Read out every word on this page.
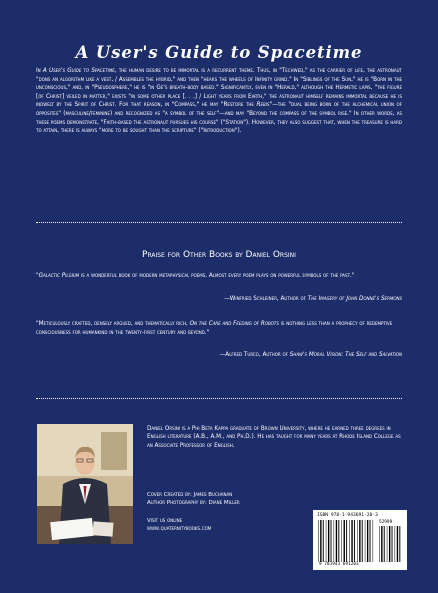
A User's Guide to Spacetime
In A User's Guide to Spacetime, the human desire to be immortal is a recurrent theme. Thus, in "Techwed," as the carrier of life, the astronaut "dons an algorithm like a vest, / Assembles the hybrid," and then "hears the wheels of Infinity grind." In "Siblings of the Sun," he is "Born in the unconscious," and, in "Pseudosphere," he is "in Ge's breath-body based." Significantly, even in "Herald," although the Hermetic lapis, "the figure [of Christ] veiled in matter," exists "in some other place [. . .] / Light years from Earth," the astronaut himself remains immortal because he is indwelt by the Spirit of Christ. For that reason, in "Compass," he may "Restore the Rebis"—the "dual being born of the alchemical union of opposites" (masculine/feminine) and recognized as "a symbol of the self"—and may "Beyond the compass of the symbol rise." In other words, as these poems demonstrate, "Faith-based the astronaut pursues his course" ("Station"). However, they also suggest that, when the treasure is hard to attain, there is always "more to be sought than the scripture" ("Introduction").
Praise for Other Books by Daniel Orsini
"Galactic Pilgrim is a wonderful book of modern metaphysical poems. Almost every poem plays on powerful symbols of the past."
—Winfried Schleiner, Author of The Imagery of John Donne's Sermons
"Meticulously crafted, densely argued, and thematically rich, On the Care and Feeding of Robots is nothing less than a prophecy of redemptive consciousness for humankind in the twenty-first century and beyond."
—Alfred Turco, Author of Shaw's Moral Vision: The Self and Salvation
Daniel Orsini is a Phi Beta Kappa graduate of Brown University, where he earned three degrees in English literature (A.B., A.M., and Ph.D.). He has taught for many years at Rhode Island College as an Associate Professor of English.
Cover Created by: James Buchanan
Author Photography by: Diane Miller
Visit us online
www.quaternitybooks.com
ISBN 978-1-943691-20-3
52999
9 781943 691203
